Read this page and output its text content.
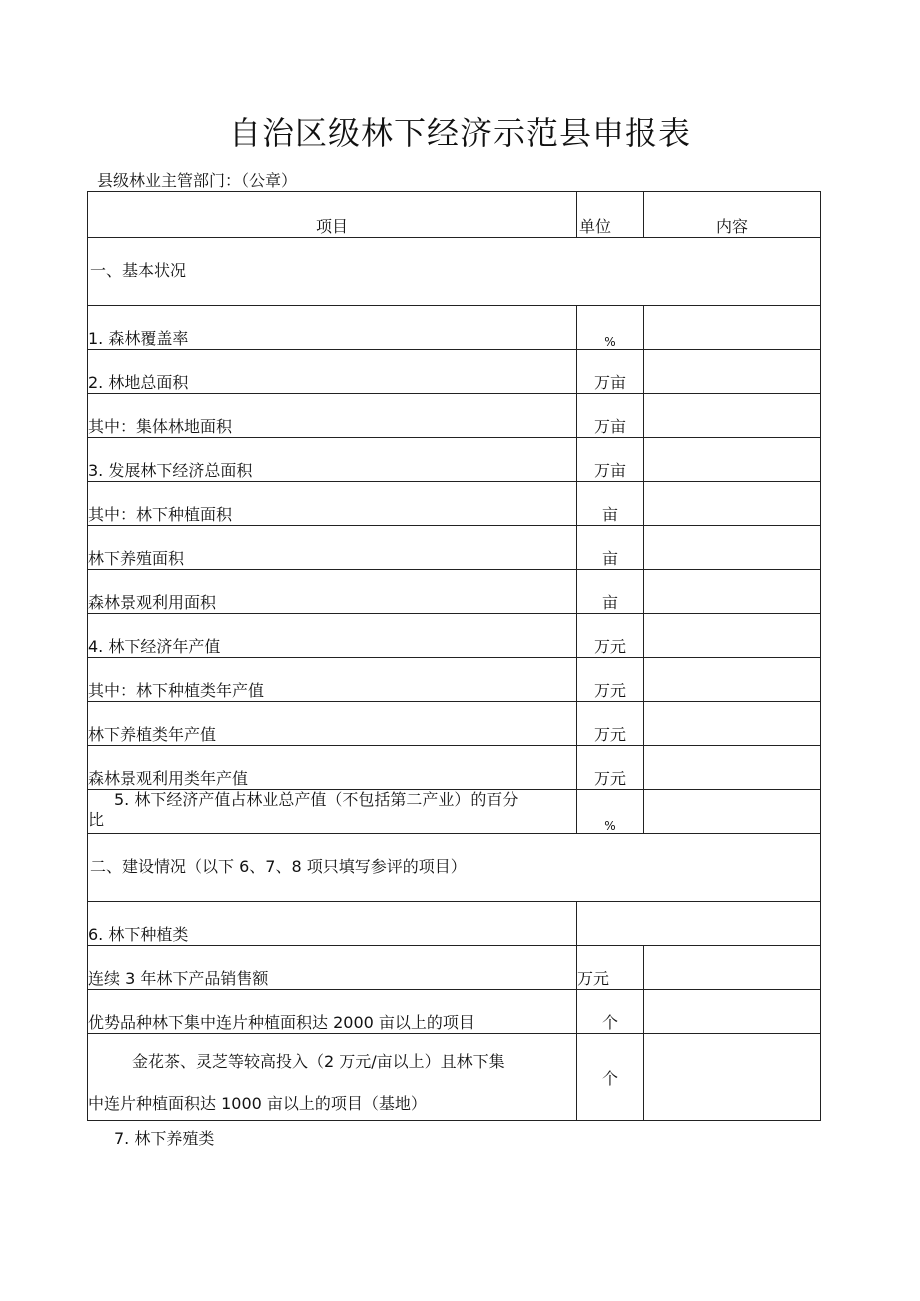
自治区级林下经济示范县申报表
县级林业主管部门：（公章）
项目	单位	内容

一、基本状况		

1. 森林覆盖率	%	
2. 林地总面积	万亩	
其中：集体林地面积	万亩	
3. 发展林下经济总面积	万亩	
其中：林下种植面积	亩	
林下养殖面积	亩	
森林景观利用面积	亩	
4. 林下经济年产值	万元	
其中：林下种植类年产值	万元	
林下养植类年产值	万元	
森林景观利用类年产值	万元	

5. 林下经济产值占林业总产值（不包括第二产业）的百分
比	%	

二、建设情况（以下 6、7、8 项只填写参评的项目）		

6. 林下种植类		
连续 3 年林下产品销售额	万元	
优势品种林下集中连片种植面积达 2000 亩以上的项目	个	

金花茶、灵芝等较高投入（2 万元/亩以上）且林下集
中连片种植面积达 1000 亩以上的项目（基地）	个	
7. 林下养殖类
